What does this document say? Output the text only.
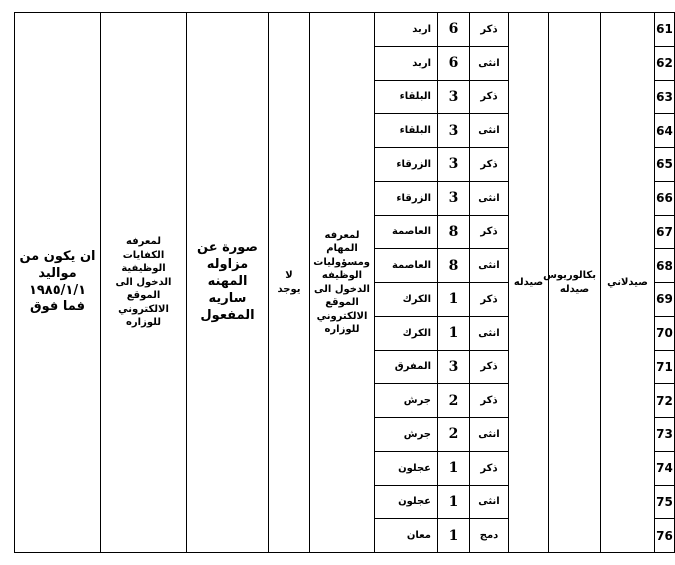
ان يكون من مواليد ١٩٨٥/١/١ فما فوق	لمعرفه الكفايات الوظيفية الدخول الى الموقع الالكتروني للوزاره	صورة عن مزاوله المهنه ساريه المفعول	لا يوجد	لمعرفه المهام ومسؤوليات الوظيفه الدخول الى الموقع الالكتروني للوزاره	اربد	6	ذكر	صيدله	بكالوريوس صيدله	صيدلاني	61
					اربد	6	انثى				62
					البلقاء	3	ذكر				63
					البلقاء	3	انثى				64
					الزرقاء	3	ذكر				65
					الزرقاء	3	انثى				66
					العاصمة	8	ذكر				67
					العاصمة	8	انثى				68
					الكرك	1	ذكر				69
					الكرك	1	انثى				70
					المفرق	3	ذكر				71
					جرش	2	ذكر				72
					جرش	2	انثى				73
					عجلون	1	ذكر				74
					عجلون	1	انثى				75
					معان	1	دمج				76
